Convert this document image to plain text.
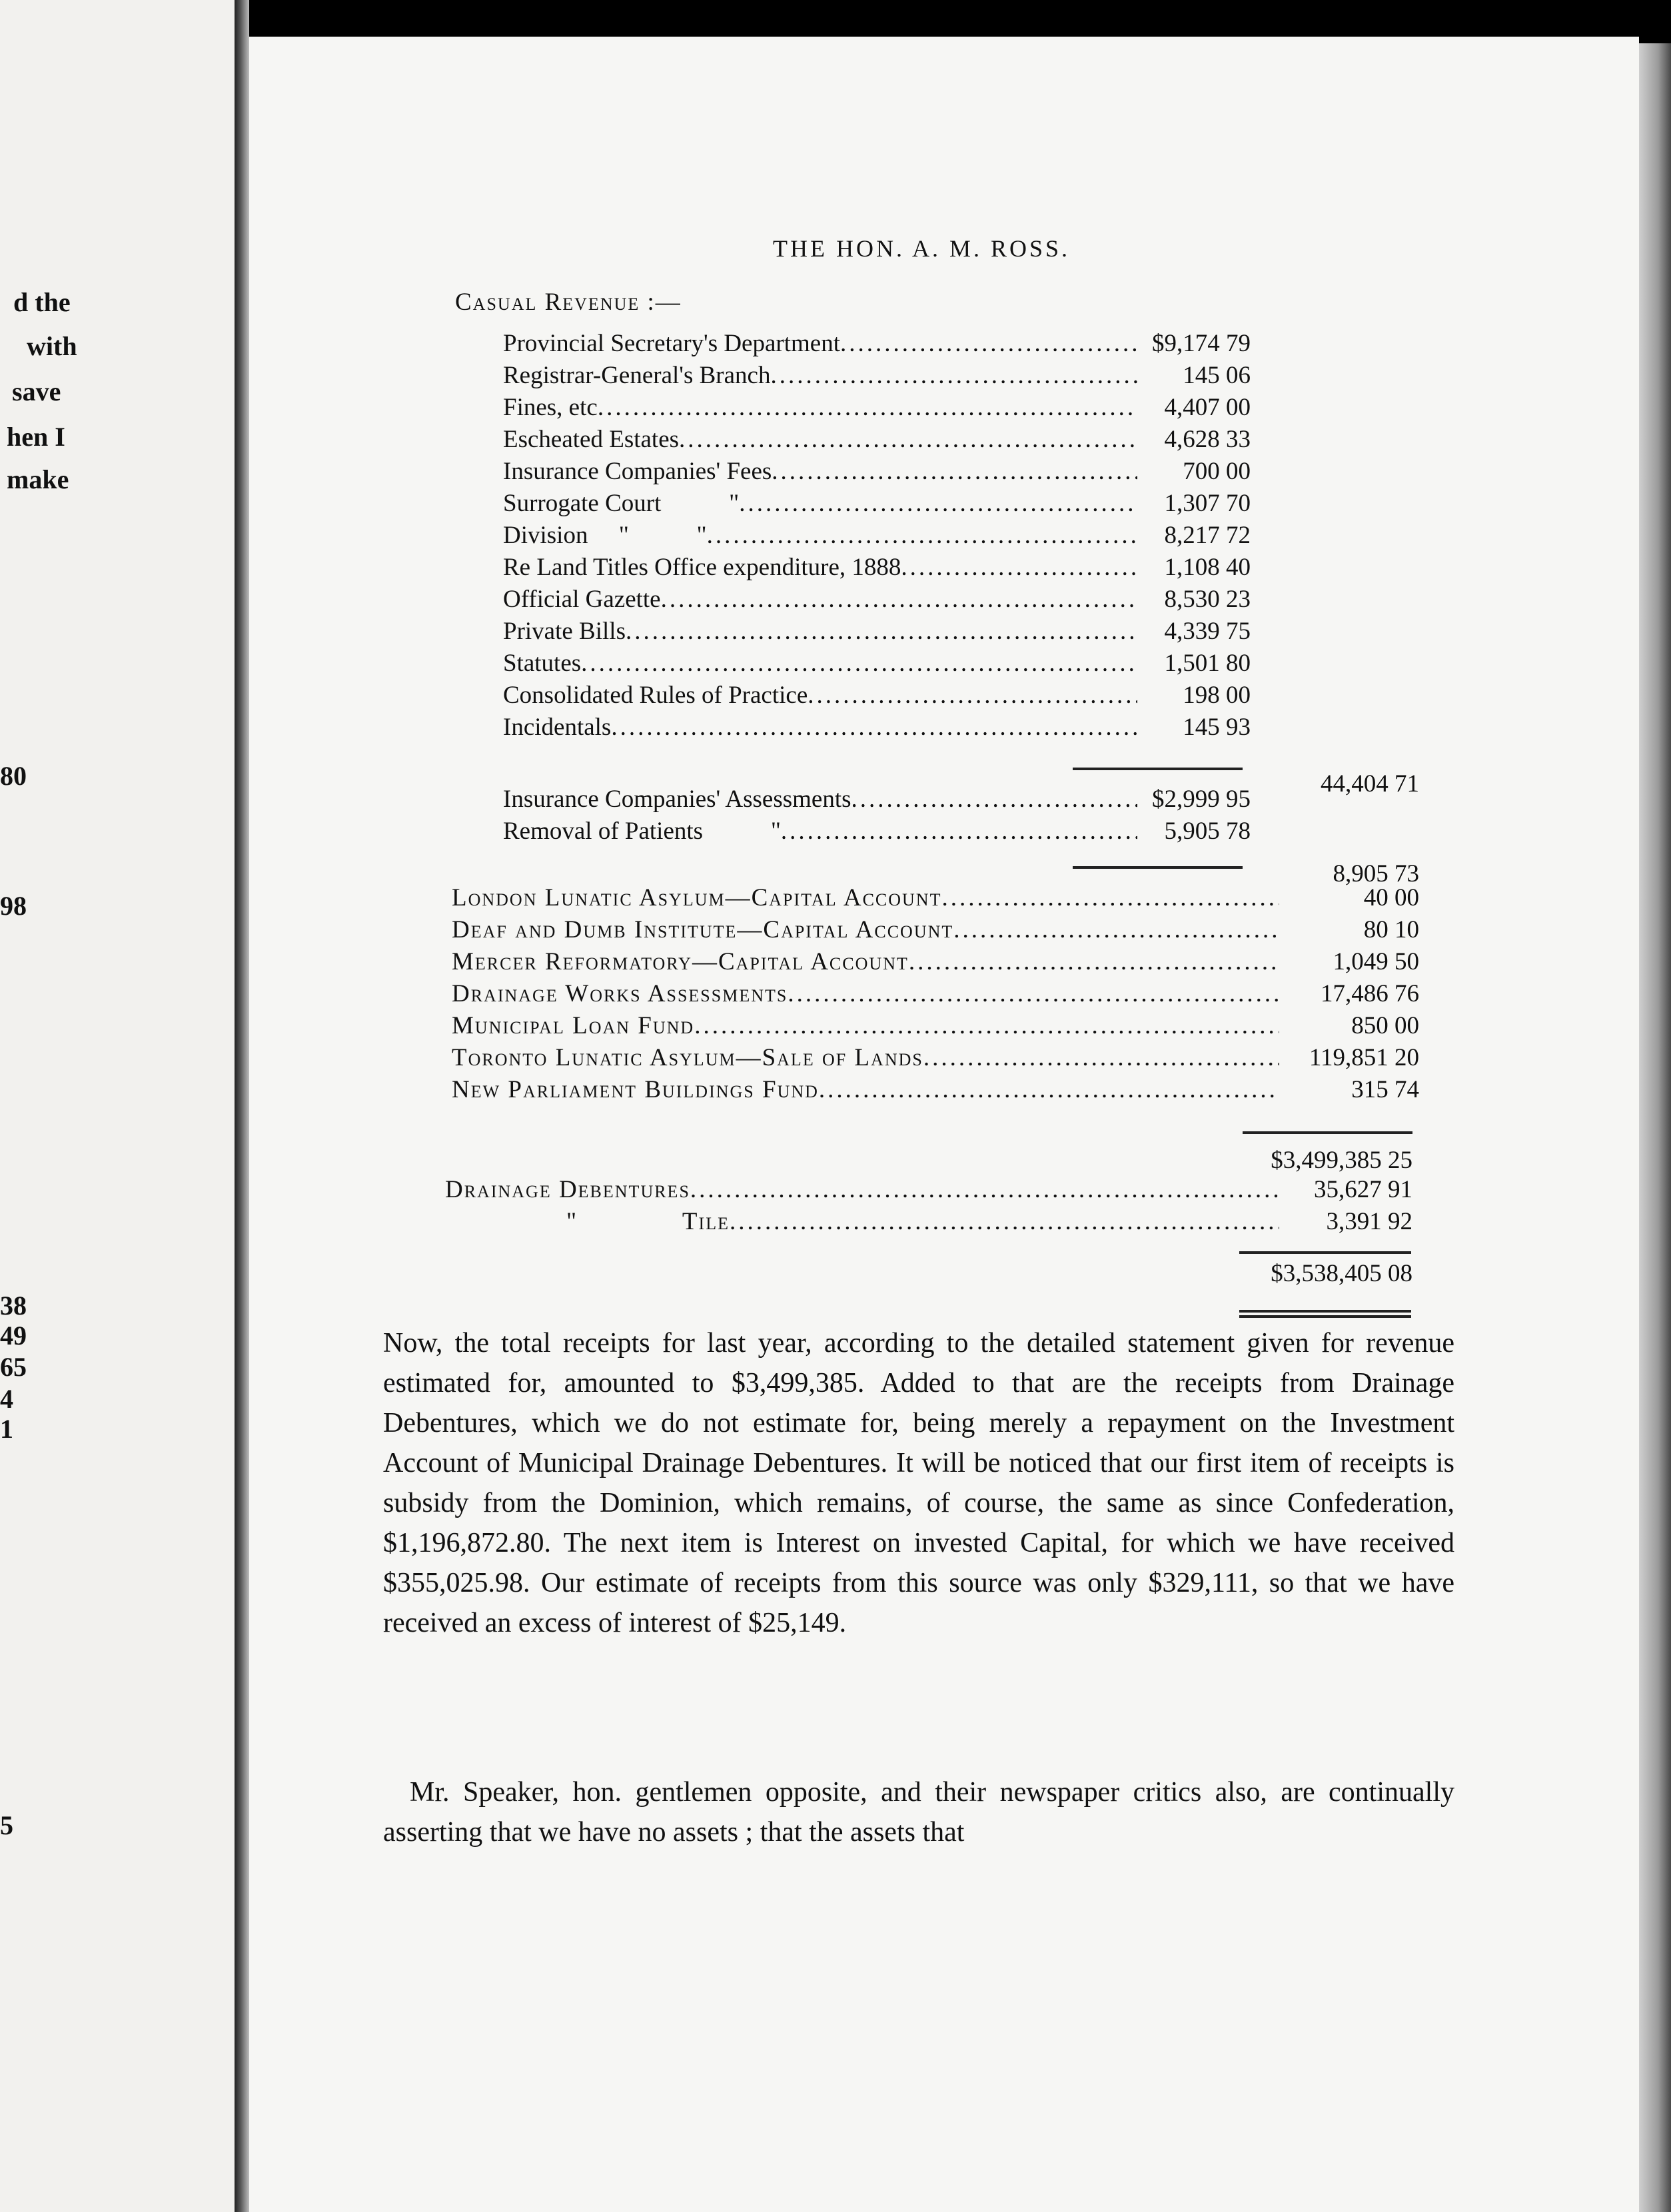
d the
with
save
hen I
make
80
98
38
49
65
4
1
5
THE HON. A. M. ROSS.
Casual Revenue :—
Provincial Secretary's Department .....	$9,174 79
Registrar-General's Branch .....	145 06
Fines, etc .....	4,407 00
Escheated Estates .....	4,628 33
Insurance Companies' Fees .....	700 00
Surrogate Court           " .....	1,307 70
Division     "           " .....	8,217 72
Re Land Titles Office expenditure, 1888 .....	1,108 40
Official Gazette .....	8,530 23
Private Bills .....	4,339 75
Statutes .....	1,501 80
Consolidated Rules of Practice .....	198 00
Incidentals .....	145 93
44,404 71
Insurance Companies' Assessments .....	$2,999 95
Removal of Patients           " .....	5,905 78
8,905 73
London Lunatic Asylum—Capital Account .....	40 00
Deaf and Dumb Institute—Capital Account .....	80 10
Mercer Reformatory—Capital Account .....	1,049 50
Drainage Works Assessments .....	17,486 76
Municipal Loan Fund .....	850 00
Toronto Lunatic Asylum—Sale of Lands .....	119,851 20
New Parliament Buildings Fund .....	315 74
$3,499,385 25
Drainage Debentures .....	35,627 91
"              Tile .....	3,391 92
$3,538,405 08

Now, the total receipts for last year, according to the detailed statement given for revenue estimated for, amounted to $3,499,385. Added to that are the receipts from Drainage Debentures, which we do not estimate for, being merely a repayment on the Investment Account of Municipal Drainage Debentures. It will be noticed that our first item of receipts is subsidy from the Dominion, which remains, of course, the same as since Confederation, $1,196,872.80. The next item is Interest on invested Capital, for which we have received $355,025.98. Our estimate of receipts from this source was only $329,111, so that we have received an excess of interest of $25,149.

Mr. Speaker, hon. gentlemen opposite, and their newspaper critics also, are continually asserting that we have no assets ; that the assets that
